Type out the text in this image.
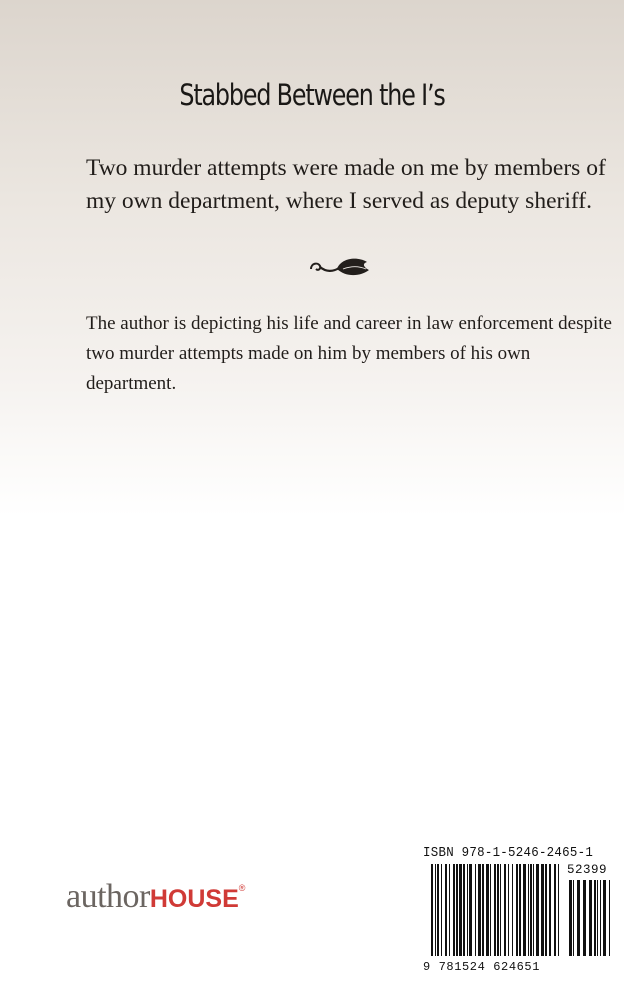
Stabbed Between the I’s
Two murder attempts were made on me by members of my own department, where I served as deputy sheriff.
The author is depicting his life and career in law enforcement despite two murder attempts made on him by members of his own department.
authorHOUSE®
ISBN 978-1-5246-2465-1
52399
9 781524 624651
